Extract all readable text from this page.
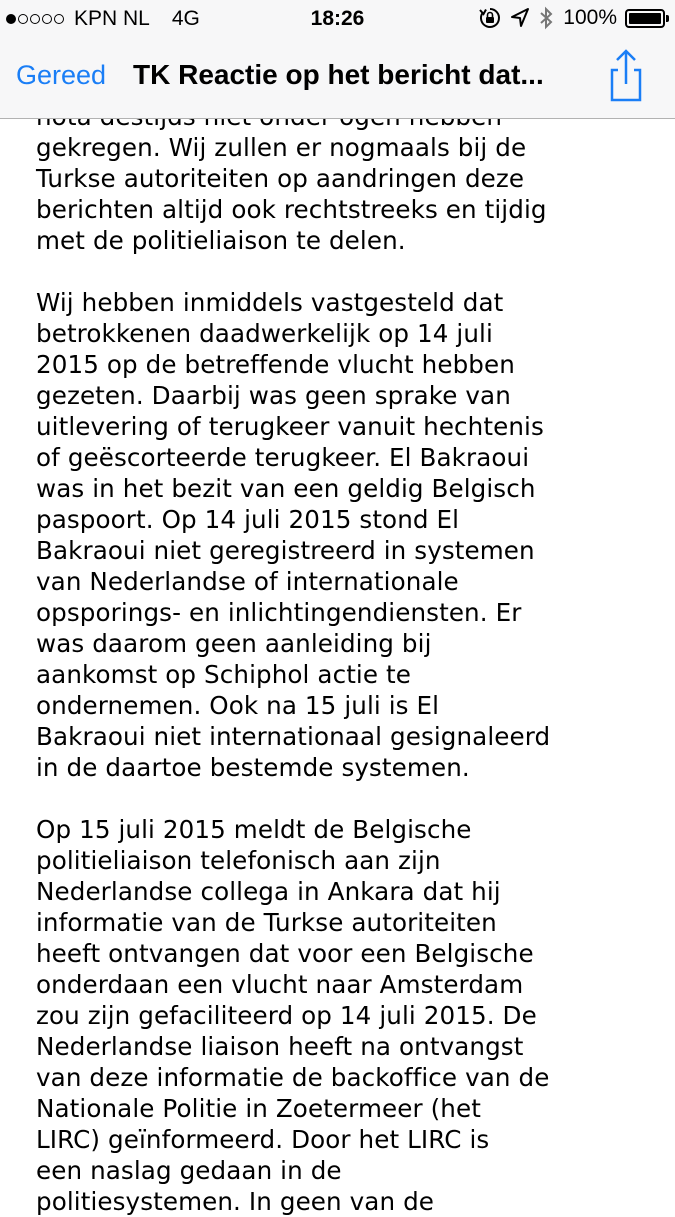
gekregen. Wij zullen er nogmaals bij de
Turkse autoriteiten op aandringen deze
berichten altijd ook rechtstreeks en tijdig
met de politieliaison te delen.
Wij hebben inmiddels vastgesteld dat
betrokkenen daadwerkelijk op 14 juli
2015 op de betreffende vlucht hebben
gezeten. Daarbij was geen sprake van
uitlevering of terugkeer vanuit hechtenis
of geëscorteerde terugkeer. El Bakraoui
was in het bezit van een geldig Belgisch
paspoort. Op 14 juli 2015 stond El
Bakraoui niet geregistreerd in systemen
van Nederlandse of internationale
opsporings- en inlichtingendiensten. Er
was daarom geen aanleiding bij
aankomst op Schiphol actie te
ondernemen. Ook na 15 juli is El
Bakraoui niet internationaal gesignaleerd
in de daartoe bestemde systemen.
Op 15 juli 2015 meldt de Belgische
politieliaison telefonisch aan zijn
Nederlandse collega in Ankara dat hij
informatie van de Turkse autoriteiten
heeft ontvangen dat voor een Belgische
onderdaan een vlucht naar Amsterdam
zou zijn gefaciliteerd op 14 juli 2015. De
Nederlandse liaison heeft na ontvangst
van deze informatie de backoffice van de
Nationale Politie in Zoetermeer (het
LIRC) geïnformeerd. Door het LIRC is
een naslag gedaan in de
politiesystemen. In geen van de
KPN NL 4G	18:26	100%
Gereed TK Reactie op het bericht dat...
